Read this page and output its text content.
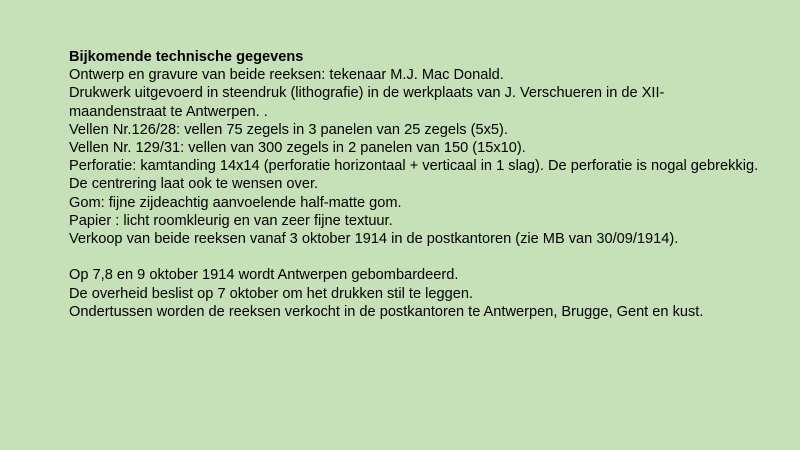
Bijkomende technische gegevens

Ontwerp en gravure van beide reeksen: tekenaar M.J. Mac Donald.

Drukwerk uitgevoerd in steendruk (lithografie) in de werkplaats van J. Verschueren in de XII-maandenstraat te Antwerpen. .

Vellen Nr.126/28: vellen 75 zegels in 3 panelen van 25 zegels (5x5).

Vellen Nr. 129/31: vellen van 300 zegels in 2 panelen van 150 (15x10).

Perforatie: kamtanding 14x14 (perforatie horizontaal + verticaal in 1 slag). De perforatie is nogal gebrekkig. De centrering laat ook te wensen over.

Gom: fijne zijdeachtig aanvoelende half-matte gom.

Papier : licht roomkleurig en van zeer fijne textuur.

Verkoop van beide reeksen vanaf 3 oktober 1914 in de postkantoren (zie MB van 30/09/1914).

Op 7,8 en 9 oktober 1914 wordt Antwerpen gebombardeerd.

De overheid beslist op 7 oktober om het drukken stil te leggen.

Ondertussen worden de reeksen verkocht in de postkantoren te Antwerpen, Brugge, Gent en kust.
